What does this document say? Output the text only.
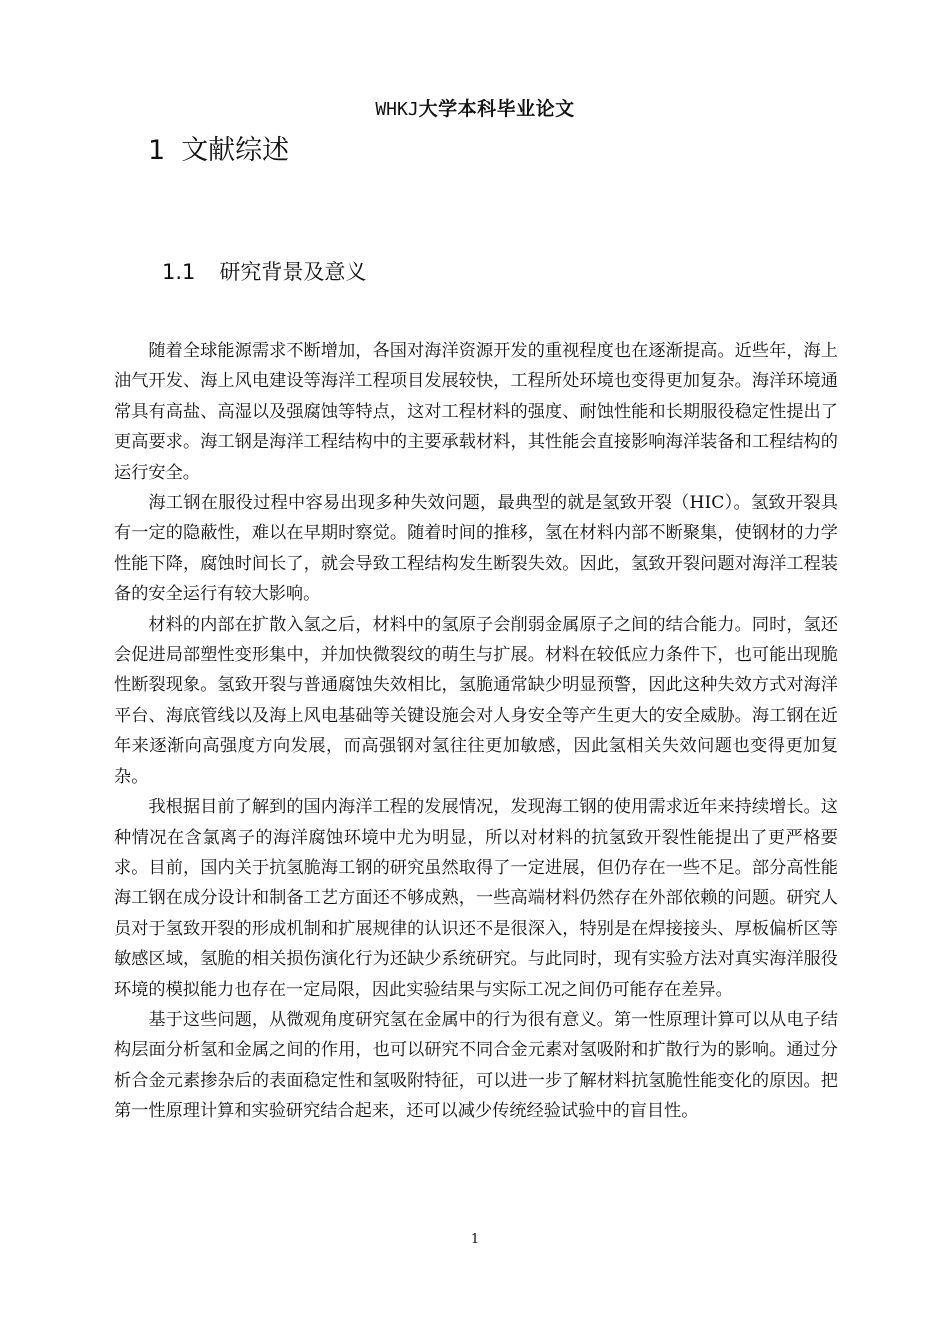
WHKJ大学本科毕业论文
1 文献综述
1.1 研究背景及意义

随着全球能源需求不断增加，各国对海洋资源开发的重视程度也在逐渐提高。近些年，海上油气开发、海上风电建设等海洋工程项目发展较快，工程所处环境也变得更加复杂。海洋环境通常具有高盐、高湿以及强腐蚀等特点，这对工程材料的强度、耐蚀性能和长期服役稳定性提出了更高要求。海工钢是海洋工程结构中的主要承载材料，其性能会直接影响海洋装备和工程结构的运行安全。

海工钢在服役过程中容易出现多种失效问题，最典型的就是氢致开裂（HIC）。氢致开裂具有一定的隐蔽性，难以在早期时察觉。随着时间的推移，氢在材料内部不断聚集，使钢材的力学性能下降，腐蚀时间长了，就会导致工程结构发生断裂失效。因此，氢致开裂问题对海洋工程装备的安全运行有较大影响。

材料的内部在扩散入氢之后，材料中的氢原子会削弱金属原子之间的结合能力。同时，氢还会促进局部塑性变形集中，并加快微裂纹的萌生与扩展。材料在较低应力条件下，也可能出现脆性断裂现象。氢致开裂与普通腐蚀失效相比，氢脆通常缺少明显预警，因此这种失效方式对海洋平台、海底管线以及海上风电基础等关键设施会对人身安全等产生更大的安全威胁。海工钢在近年来逐渐向高强度方向发展，而高强钢对氢往往更加敏感，因此氢相关失效问题也变得更加复杂。

我根据目前了解到的国内海洋工程的发展情况，发现海工钢的使用需求近年来持续增长。这种情况在含氯离子的海洋腐蚀环境中尤为明显，所以对材料的抗氢致开裂性能提出了更严格要求。目前，国内关于抗氢脆海工钢的研究虽然取得了一定进展，但仍存在一些不足。部分高性能海工钢在成分设计和制备工艺方面还不够成熟，一些高端材料仍然存在外部依赖的问题。研究人员对于氢致开裂的形成机制和扩展规律的认识还不是很深入，特别是在焊接接头、厚板偏析区等敏感区域，氢脆的相关损伤演化行为还缺少系统研究。与此同时，现有实验方法对真实海洋服役环境的模拟能力也存在一定局限，因此实验结果与实际工况之间仍可能存在差异。

基于这些问题，从微观角度研究氢在金属中的行为很有意义。第一性原理计算可以从电子结构层面分析氢和金属之间的作用，也可以研究不同合金元素对氢吸附和扩散行为的影响。通过分析合金元素掺杂后的表面稳定性和氢吸附特征，可以进一步了解材料抗氢脆性能变化的原因。把第一性原理计算和实验研究结合起来，还可以减少传统经验试验中的盲目性。

1
